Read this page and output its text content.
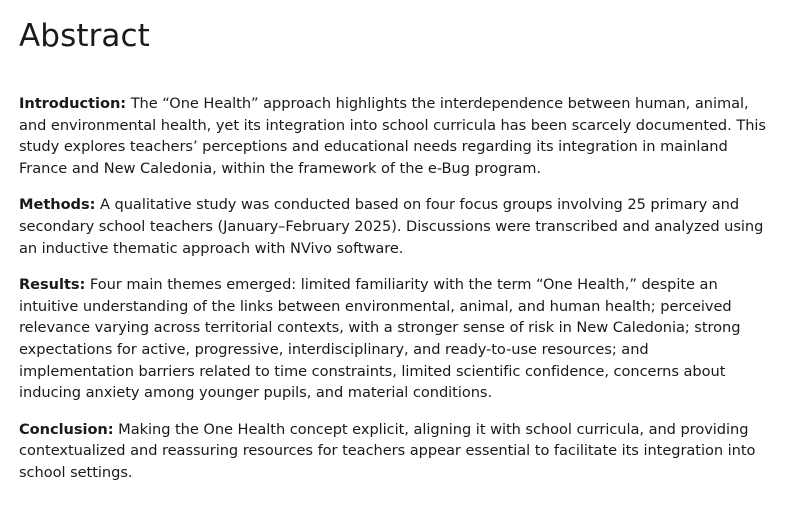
Abstract

Introduction: The “One Health” approach highlights the interdependence between human, animal, and environmental health, yet its integration into school curricula has been scarcely documented. This study explores teachers’ perceptions and educational needs regarding its integration in mainland France and New Caledonia, within the framework of the e-Bug program.

Methods: A qualitative study was conducted based on four focus groups involving 25 primary and secondary school teachers (January–February 2025). Discussions were transcribed and analyzed using an inductive thematic approach with NVivo software.

Results: Four main themes emerged: limited familiarity with the term “One Health,” despite an intuitive understanding of the links between environmental, animal, and human health; perceived relevance varying across territorial contexts, with a stronger sense of risk in New Caledonia; strong expectations for active, progressive, interdisciplinary, and ready-to-use resources; and implementation barriers related to time constraints, limited scientific confidence, concerns about inducing anxiety among younger pupils, and material conditions.

Conclusion: Making the One Health concept explicit, aligning it with school curricula, and providing contextualized and reassuring resources for teachers appear essential to facilitate its integration into school settings.
